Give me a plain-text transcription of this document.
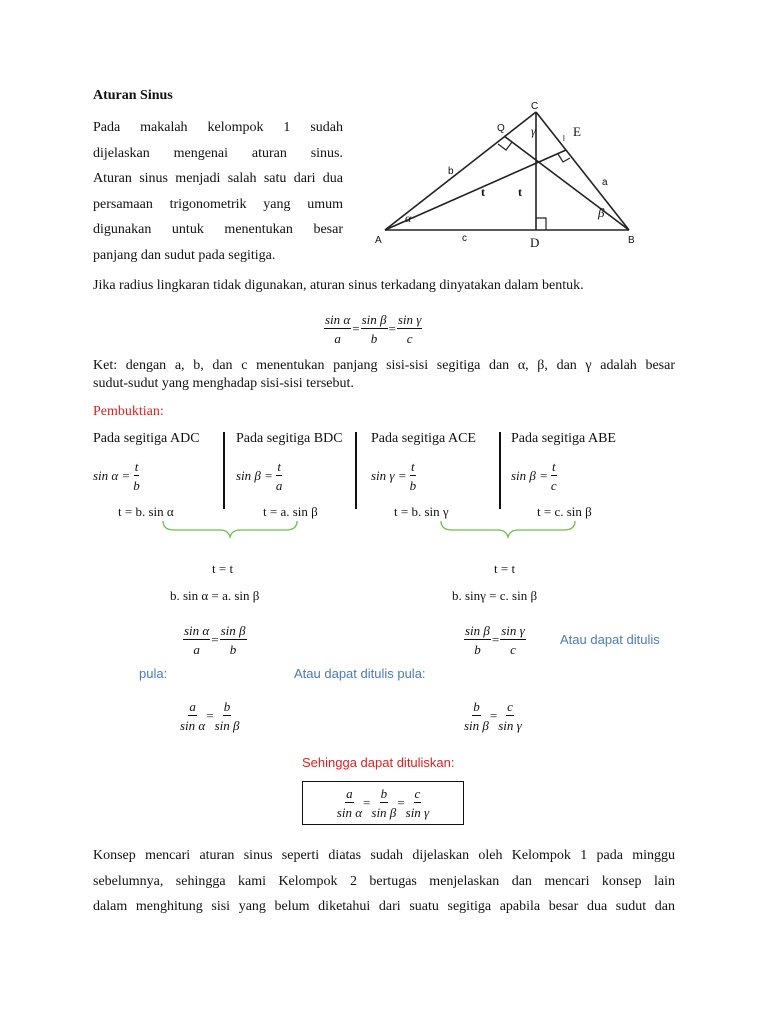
Aturan Sinus
Pada makalah kelompok 1 sudah
dijelaskan mengenai aturan sinus.
Aturan sinus menjadi salah satu dari dua
persamaan trigonometrik yang umum
digunakan untuk menentukan besar
panjang dan sudut pada segitiga.
C
A	B
Q
b
a
c
l E
D
t	t
α	β
γ
Jika radius lingkaran tidak digunakan, aturan sinus terkadang dinyatakan dalam bentuk.
$\frac{\text{sin α}}{a} = \frac{\text{sin β}}{b} = \frac{\text{sin γ}}{c}$
Ket: dengan a, b, dan c menentukan panjang sisi-sisi segitiga dan α, β, dan γ adalah besar
sudut-sudut yang menghadap sisi-sisi tersebut.
Pembuktian:
Pada segitiga ADC	Pada segitiga BDC Pada segitiga ACE	Pada segitiga ABE
$\sin \alpha = \frac{t}{b}$	$\sin \beta = \frac{t}{a}$	$\sin \gamma = \frac{t}{b}$	$\sin \beta = \frac{t}{c}$
t = b. sin α	t = a. sin β	t = b. sin γ	t = c. sin β
t = t
b. sin α = a. sin β
$\frac{\text{sin α}}{a} = \frac{\text{sin β}}{b}$
t = t
b. sinγ = c. sin β
$\frac{\text{sin β}}{b} = \frac{\text{sin γ}}{c}$	Atau dapat ditulis
pula:	Atau dapat ditulis pula:
$\frac{a}{\text{sin α}} = \frac{b}{\text{sin β}}$	$\frac{b}{\text{sin β}} = \frac{c}{\text{sin γ}}$
Sehingga dapat dituliskan:
$\frac{a}{\text{sin α}} = \frac{b}{\text{sin β}} = \frac{c}{\text{sin γ}}$
Konsep mencari aturan sinus seperti diatas sudah dijelaskan oleh Kelompok 1 pada minggu
sebelumnya, sehingga kami Kelompok 2 bertugas menjelaskan dan mencari konsep lain
dalam menghitung sisi yang belum diketahui dari suatu segitiga apabila besar dua sudut dan
